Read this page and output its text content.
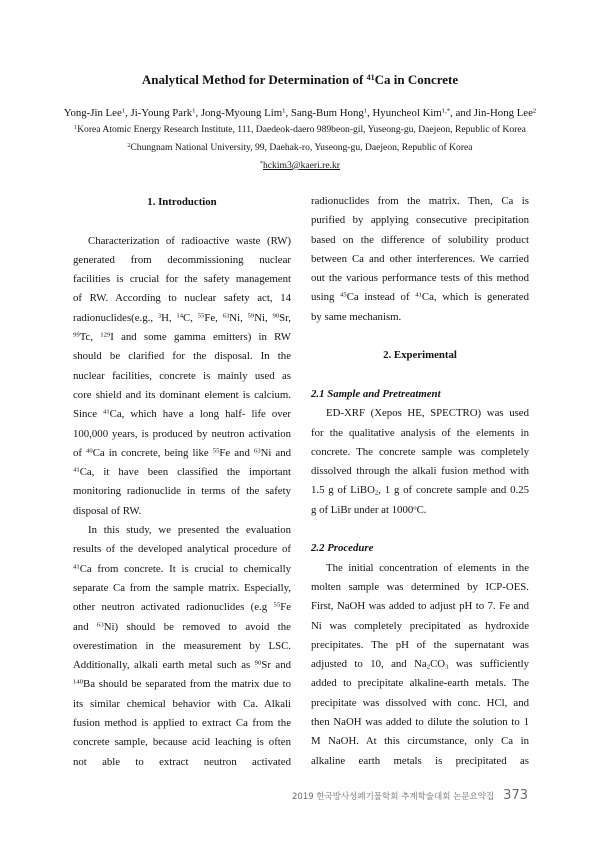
Analytical Method for Determination of $^{41}$Ca in Concrete
Yong-Jin Lee$^1$, Ji-Young Park$^1$, Jong-Myoung Lim$^1$, Sang-Bum Hong$^1$, Hyuncheol Kim$^{1,*}$, and Jin-Hong Lee$^2$
$^1$Korea Atomic Energy Research Institute, 111, Daedeok-daero 989beon-gil, Yuseong-gu, Daejeon, Republic of Korea
$^2$Chungnam National University, 99, Daehak-ro, Yuseong-gu, Daejeon, Republic of Korea
*hckim3@kaeri.re.kr
1. Introduction
Characterization of radioactive waste (RW)
generated from decommissioning nuclear
facilities is crucial for the safety management
of RW. According to nuclear safety act, 14
radionuclides(e.g., $^3$H, $^{14}$C, $^{55}$Fe, $^{63}$Ni, $^{59}$Ni, $^{90}$Sr,
$^{99}$Tc, $^{129}$I and some gamma emitters) in RW
should be clarified for the disposal. In the
nuclear facilities, concrete is mainly used as
core shield and its dominant element is calcium.
Since $^{41}$Ca, which have a long half- life over
100,000 years, is produced by neutron activation
of $^{40}$Ca in concrete, being like $^{55}$Fe and $^{63}$Ni and
$^{41}$Ca, it have been classified the important
monitoring radionuclide in terms of the safety
disposal of RW.
In this study, we presented the evaluation
results of the developed analytical procedure of
$^{41}$Ca from concrete. It is crucial to chemically
separate Ca from the sample matrix. Especially,
other neutron activated radionuclides (e.g $^{55}$Fe
and $^{63}$Ni) should be removed to avoid the
overestimation in the measurement by LSC.
Additionally, alkali earth metal such as $^{90}$Sr and
$^{140}$Ba should be separated from the matrix due to
its similar chemical behavior with Ca. Alkali
fusion method is applied to extract Ca from the
concrete sample, because acid leaching is often
not able to extract neutron activated
radionuclides from the matrix. Then, Ca is
purified by applying consecutive precipitation
based on the difference of solubility product
between Ca and other interferences. We carried
out the various performance tests of this method
using $^{45}$Ca instead of $^{41}$Ca, which is generated
by same mechanism.
2. Experimental
2.1 Sample and Pretreatment
ED-XRF (Xepos HE, SPECTRO) was used
for the qualitative analysis of the elements in
concrete. The concrete sample was completely
dissolved through the alkali fusion method with
1.5 g of LiBO$_2$, 1 g of concrete sample and 0.25
g of LiBr under at 1000$^o$C.
2.2 Procedure
The initial concentration of elements in the
molten sample was determined by ICP-OES.
First, NaOH was added to adjust pH to 7. Fe and
Ni was completely precipitated as hydroxide
precipitates. The pH of the supernatant was
adjusted to 10, and $Na_2CO_3$ was sufficiently
added to precipitate alkaline-earth metals. The
precipitate was dissolved with conc. HCl, and
then NaOH was added to dilute the solution to 1
M NaOH. At this circumstance, only Ca in
alkaline earth metals is precipitated as
2019 한국방사성폐기물학회 추계학술대회 논문요약집 373
